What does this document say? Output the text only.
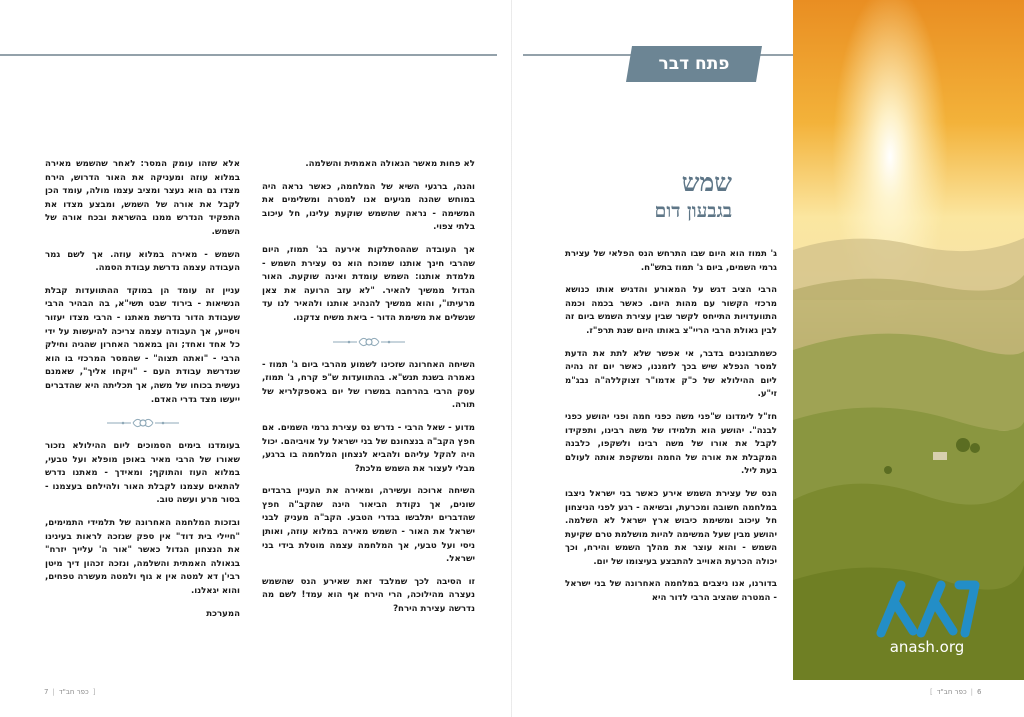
אלא שזהו עומק המסר: לאחר שהשמש מאירה במלוא עוזה ומעניקה את האור הדרוש, הירח מצדו גם הוא נעצר ומציב עצמו מולה, עומד הכן לקבל את אורה של השמש, ומבצע מצדו את התפקיד הנדרש ממנו בהשראת ובכח אורה של השמש.

השמש - מאירה במלוא עוזה. אך לשם גמר העבודה עצמה נדרשת עבודת הסמה.

עניין זה עומד הן במוקד ההתוועדות קבלת הנשיאות - בירוד שבט תשי"א, בה הבהיר הרבי שעבודת הדור נדרשת מאתנו - הרבי מצדו יעזור ויסייע, אך העבודה עצמה צריכה להיעשות על ידי כל אחד ואחד; והן במאמר האחרון שהגיה וחילק הרבי - "ואתה תצוה" - שהמסר המרכזי בו הוא שנדרשת עבודת העם - "ויקחו אליך", שאמנם נעשית בכוחו של משה, אך תכליתה היא שהדברים ייעשו מצד גדרי האדם.

בעומדנו בימים הסמוכים ליום ההילולא נזכור שאורו של הרבי מאיר באופן מופלא ועל טבעי, במלוא העוז והתוקף; ומאידך - מאתנו נדרש להתאים עצמנו לקבלת האור ולהילחם בעצמנו - בסור מרע ועשה טוב.

ובזכות המלחמה האחרונה של תלמידי התמימים, "חיילי בית דוד" אין ספק שנזכה לראות בעינינו את הנצחון הגדול כאשר "אור ה' עלייך יזרח" בגאולה האמתית והשלמה, ונזכה זכהון דיך מיטן רבי'ן דא למטה אין א גוף ולמטה מעשרה טפחים, והוא יגאלנו.

המערכת

לא פחות מאשר הגאולה האמתית והשלמה.

והנה, ברגעי השיא של המלחמה, כאשר נראה היה במוחש שהנה מגיעים אנו למטרה ומשלימים את המשימה - נראה שהשמש שוקעת עלינו, חל עיכוב בלתי צפוי.

אך העובדה שההסתלקות אירעה בג' תמוז, היום שהרבי חינך אותנו שמוכח הוא נס עצירת השמש - מלמדת אותנו: השמש עומדת ואינה שוקעת. האור הגדול ממשיך להאיר. "לא עזב הרועה את צאן מרעיתו", והוא ממשיך להנהיג אותנו ולהאיר לנו עד שנשלים את משימת הדור - ביאת משיח צדקנו.

השיחה האחרונה שזכינו לשמוע מהרבי ביום ג' תמוז - נאמרה בשנת תנש"א. בהתוועדות ש"פ קרח, ג' תמוז, עסק הרבי בהרחבה במשרו של יום באספקלריא של תורה.

מדוע - שאל הרבי - נדרש נס עצירת גרמי השמים. אם חפץ הקב"ה בנצחונם של בני ישראל על אויביהם. יכול היה להקל עליהם ולהביא לנצחון המלחמה בו ברגע, מבלי לעצור את השמש מלכת?

השיחה ארוכה ועשירה, ומאירה את העניין ברבדים שונים, אך נקודת הביאור הינה שהקב"ה חפץ שהדברים יתלבשו בגדרי הטבע. הקב"ה מעניק לבני ישראל את האור - השמש מאירה במלוא עוזה, ואותן ניסי ועל טבעי, אך המלחמה עצמה מוטלת בידי בני ישראל.

זו הסיבה לכך שמלבד זאת שאירע הנס שהשמש נעצרה מהילוכה, הרי הירח אף הוא עמד! לשם מה נדרשה עצירת הירח?

7 | כפר חב"ד ]
פתח דבר
שמש
בגבעון דום

ג' תמוז הוא היום שבו התרחש הנס הפלאי של עצירת גרמי השמים, ביום ג' תמוז בתש"ח.

הרבי הציב דגש על המאורע והדגיש אותו כנושא מרכזי הקשור עם מהות היום. כאשר בכמה וכמה התוועדויות התייחס לקשר שבין עצירת השמש ביום זה לבין גאולת הרבי הריי"צ באותו היום שנת תרפ"ז.

כשמתבוננים בדבר, אי אפשר שלא לתת את הדעת למסר הנפלא שיש בכך לזמננו, כאשר יום זה נהיה ליום ההילולא של כ"ק אדמו"ר זצוקללה"ה נבג"מ זי"ע.

חז"ל לימדונו ש"פני משה כפני חמה ופני יהושע כפני לבנה". יהושע הוא תלמידו של משה רבינו, ותפקידו לקבל את אורו של משה רבינו ולשקפו, כלבנה המקבלת את אורה של החמה ומשקפת אותה לעולם בעת ליל.

הנס של עצירת השמש אירע כאשר בני ישראל ניצבו במלחמה חשובה ומכרעת, ובשיאה - רגע לפני הניצחון חל עיכוב ומשימת כיבוש ארץ ישראל לא השלמה. יהושע מבין שעל המשימה להיות מושלמת טרם שקיעת השמש - והוא עוצר את מהלך השמש והירח, וכך יכולה הכרעת האוייב להתבצע בעיצומו של יום.

בדורנו, אנו ניצבים במלחמה האחרונה של בני ישראל - המטרה שהציב הרבי לדור היא

anash.org
[ כפר חב"ד | 6
